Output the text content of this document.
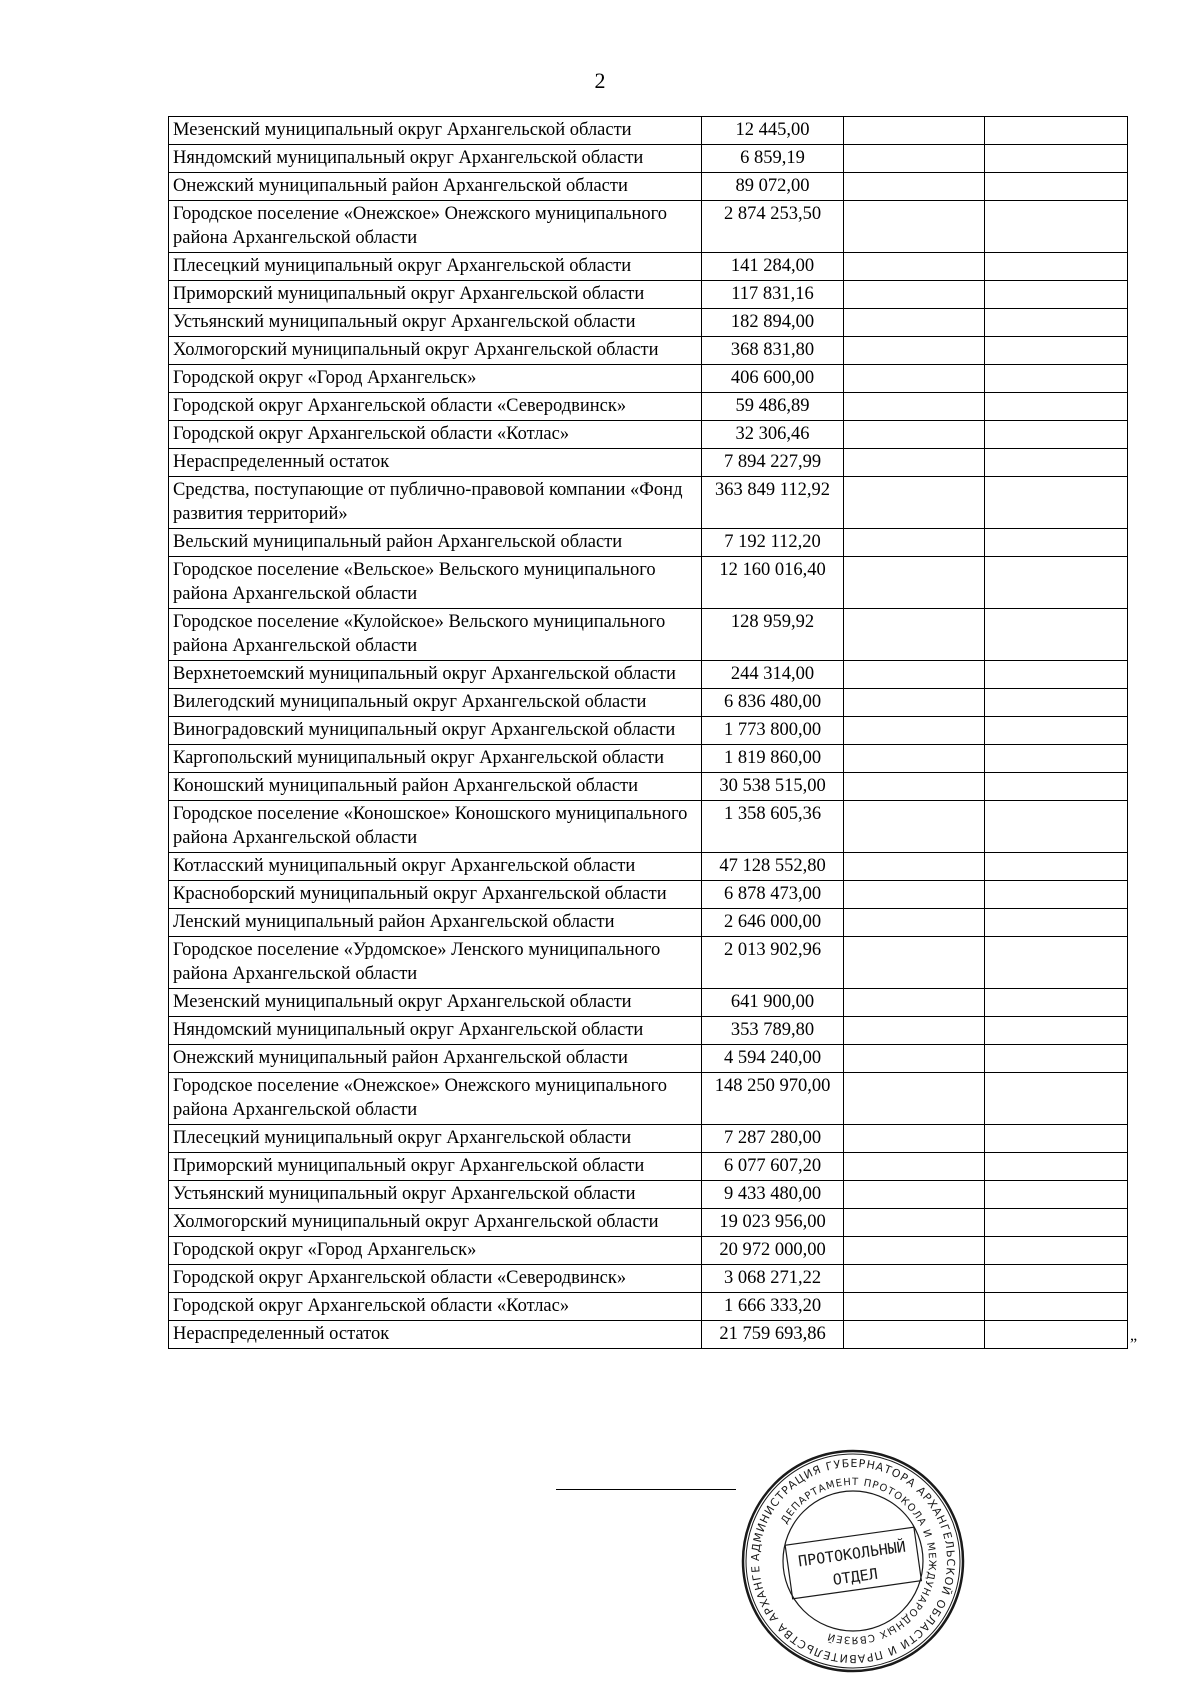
2
Мезенский муниципальный округ Архангельской области	12 445,00		
Няндомский муниципальный округ Архангельской области	6 859,19		
Онежский муниципальный район Архангельской области	89 072,00		
Городское поселение «Онежское» Онежского муниципального района Архангельской области	2 874 253,50		
Плесецкий муниципальный округ Архангельской области	141 284,00		
Приморский муниципальный округ Архангельской области	117 831,16		
Устьянский муниципальный округ Архангельской области	182 894,00		
Холмогорский муниципальный округ Архангельской области	368 831,80		
Городской округ «Город Архангельск»	406 600,00		
Городской округ Архангельской области «Северодвинск»	59 486,89		
Городской округ Архангельской области «Котлас»	32 306,46		
Нераспределенный остаток	7 894 227,99		
Средства, поступающие от публично-правовой компании «Фонд развития территорий»	363 849 112,92		
Вельский муниципальный район Архангельской области	7 192 112,20		
Городское поселение «Вельское» Вельского муниципального района Архангельской области	12 160 016,40		
Городское поселение «Кулойское» Вельского муниципального района Архангельской области	128 959,92		
Верхнетоемский муниципальный округ Архангельской области	244 314,00		
Вилегодский муниципальный округ Архангельской области	6 836 480,00		
Виноградовский муниципальный округ Архангельской области	1 773 800,00		
Каргопольский муниципальный округ Архангельской области	1 819 860,00		
Коношский муниципальный район Архангельской области	30 538 515,00		
Городское поселение «Коношское» Коношского муниципального района Архангельской области	1 358 605,36		
Котласский муниципальный округ Архангельской области	47 128 552,80		
Красноборский муниципальный округ Архангельской области	6 878 473,00		
Ленский муниципальный район Архангельской области	2 646 000,00		
Городское поселение «Урдомское» Ленского муниципального района Архангельской области	2 013 902,96		
Мезенский муниципальный округ Архангельской области	641 900,00		
Няндомский муниципальный округ Архангельской области	353 789,80		
Онежский муниципальный район Архангельской области	4 594 240,00		
Городское поселение «Онежское» Онежского муниципального района Архангельской области	148 250 970,00		
Плесецкий муниципальный округ Архангельской области	7 287 280,00		
Приморский муниципальный округ Архангельской области	6 077 607,20		
Устьянский муниципальный округ Архангельской области	9 433 480,00		
Холмогорский муниципальный округ Архангельской области	19 023 956,00		
Городской округ «Город Архангельск»	20 972 000,00		
Городской округ Архангельской области «Северодвинск»	3 068 271,22		
Городской округ Архангельской области «Котлас»	1 666 333,20		
Нераспределенный остаток	21 759 693,86		
”
АДМИНИСТРАЦИЯ ГУБЕРНАТОРА АРХАНГЕЛЬСКОЙ ОБЛАСТИ И ПРАВИТЕЛЬСТВА АРХАНГЕ
ДЕПАРТАМЕНТ ПРОТОКОЛА И МЕЖДУНАРОДНЫХ СВЯЗЕЙ
ПРОТОКОЛЬНЫЙ
ОТДЕЛ
